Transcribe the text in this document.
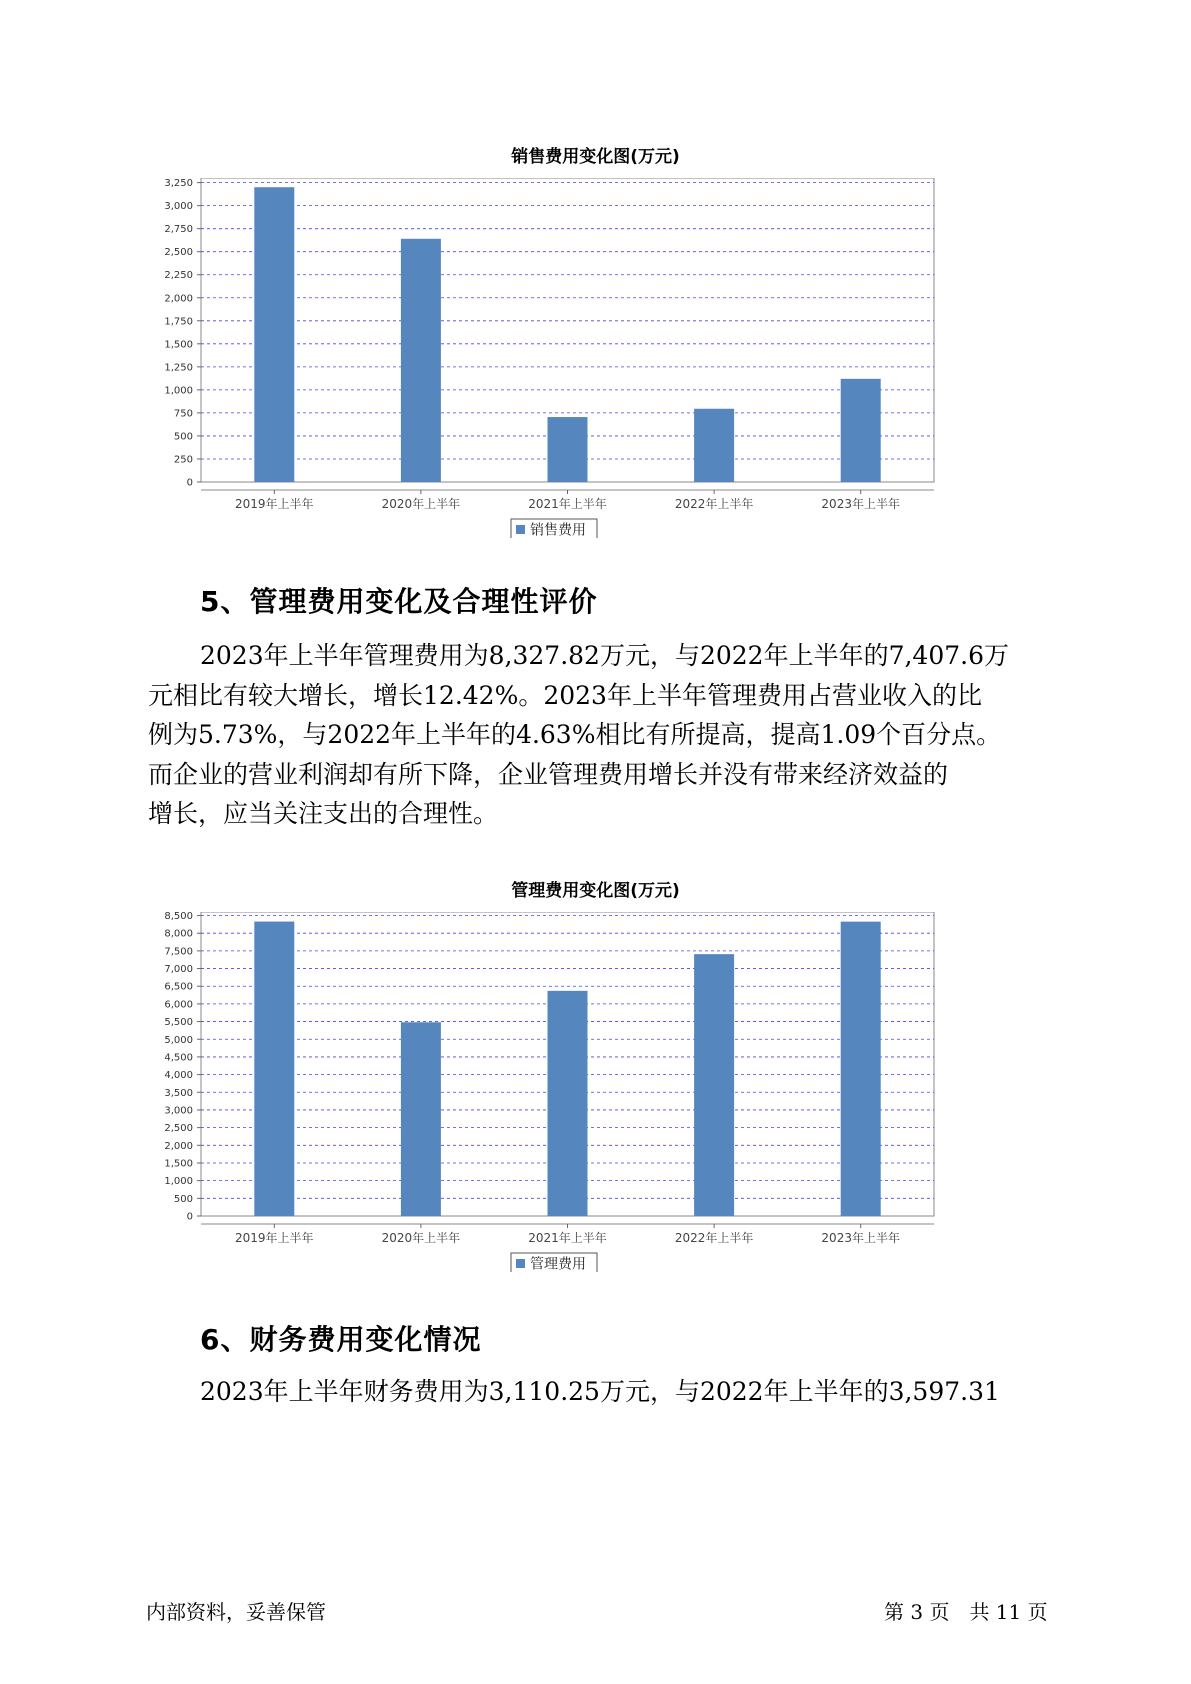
销售费用变化图(万元)
0
250
500
750
1,000
1,250
1,500
1,750
2,000
2,250
2,500
2,750
3,000
3,250
2019年上半年	2020年上半年	2021年上半年	2022年上半年	2023年上半年
销售费用
5、管理费用变化及合理性评价
2023年上半年管理费用为8,327.82万元，与2022年上半年的7,407.6万
元相比有较大增长，增长12.42%。2023年上半年管理费用占营业收入的比
例为5.73%，与2022年上半年的4.63%相比有所提高，提高1.09个百分点。
而企业的营业利润却有所下降，企业管理费用增长并没有带来经济效益的
增长，应当关注支出的合理性。
管理费用变化图(万元)
0
500
1,000
1,500
2,000
2,500
3,000
3,500
4,000
4,500
5,000
5,500
6,000
6,500
7,000
7,500
8,000
8,500
2019年上半年	2020年上半年	2021年上半年	2022年上半年	2023年上半年
管理费用
6、财务费用变化情况
2023年上半年财务费用为3,110.25万元，与2022年上半年的3,597.31
内部资料，妥善保管	第 3 页　共 11 页
